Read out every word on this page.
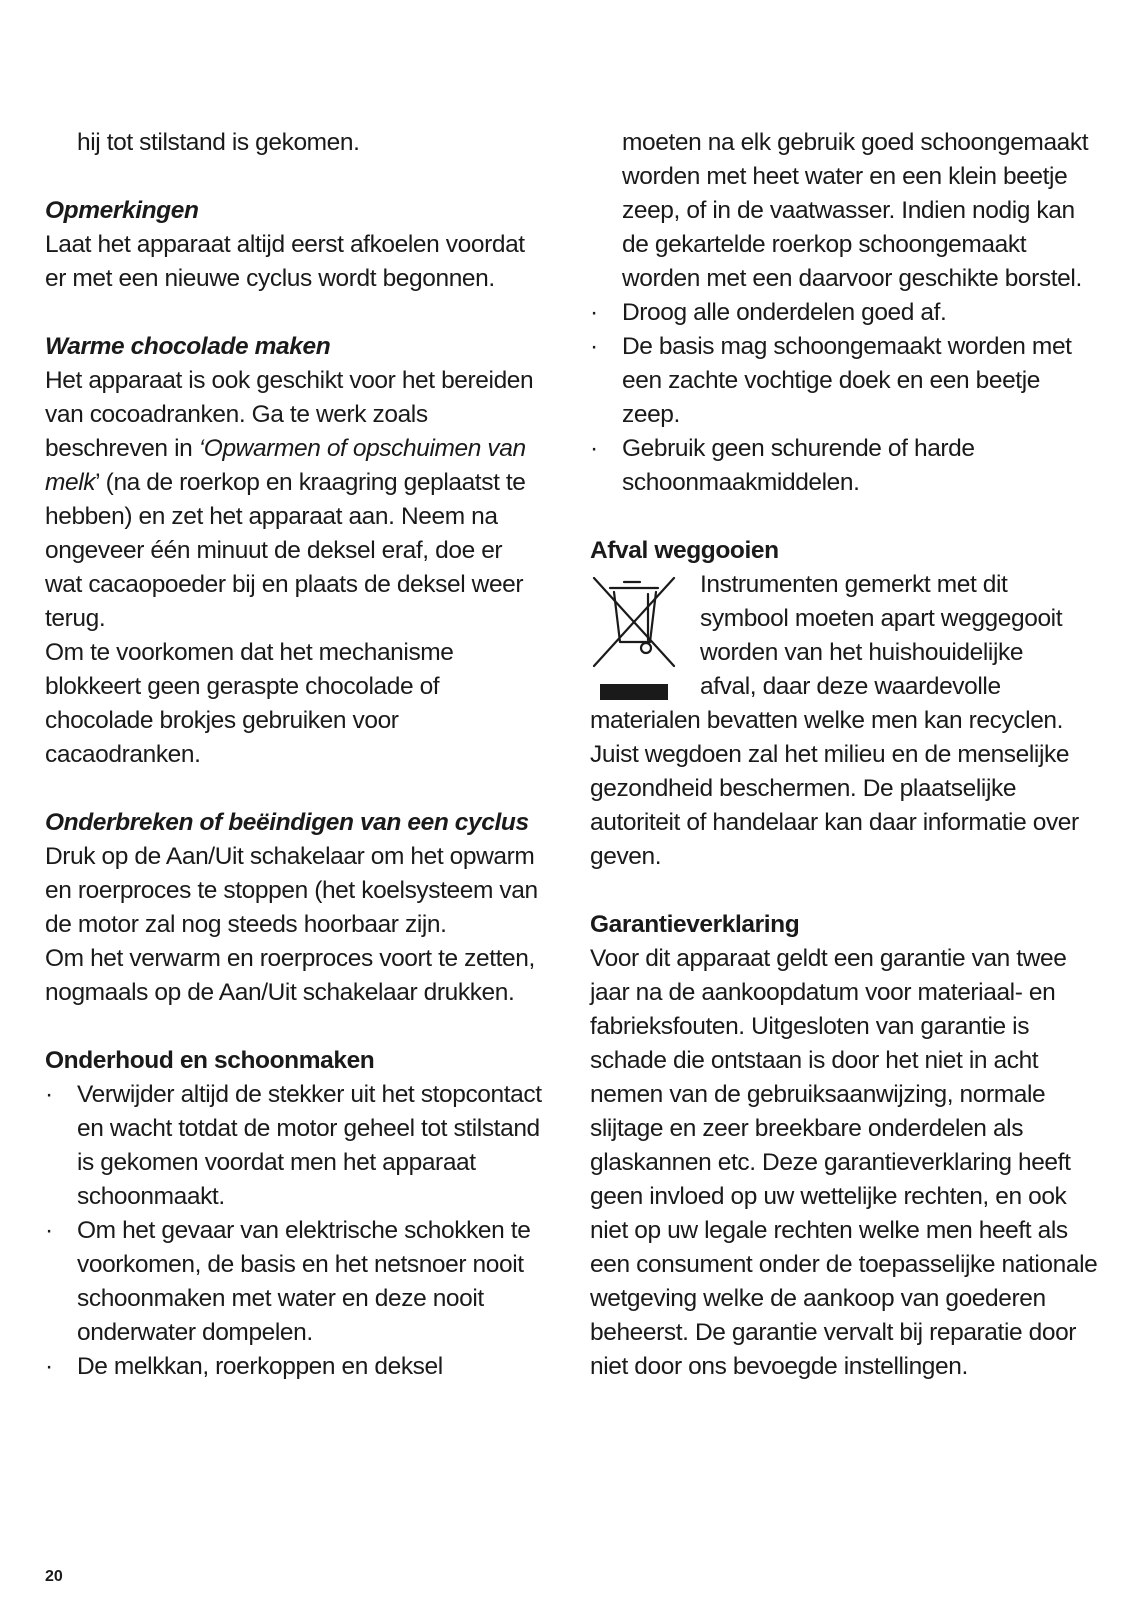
hij tot stilstand is gekomen.

Opmerkingen

Laat het apparaat altijd eerst afkoelen voordat er met een nieuwe cyclus wordt begonnen.

Warme chocolade maken

Het apparaat is ook geschikt voor het bereiden van cocoadranken. Ga te werk zoals beschreven in ‘Opwarmen of opschuimen van melk’ (na de roerkop en kraagring geplaatst te hebben) en zet het apparaat aan. Neem na ongeveer één minuut de deksel eraf, doe er wat cacaopoeder bij en plaats de deksel weer terug.

Om te voorkomen dat het mechanisme blokkeert geen geraspte chocolade of chocolade brokjes gebruiken voor cacaodranken.

Onderbreken of beëindigen van een cyclus

Druk op de Aan/Uit schakelaar om het opwarm en roerproces te stoppen (het koelsysteem van de motor zal nog steeds hoorbaar zijn.

Om het verwarm en roerproces voort te zetten, nogmaals op de Aan/Uit schakelaar drukken.

Onderhoud en schoonmaken

· Verwijder altijd de stekker uit het stopcontact en wacht totdat de motor geheel tot stilstand is gekomen voordat men het apparaat schoonmaakt.
· Om het gevaar van elektrische schokken te voorkomen, de basis en het netsnoer nooit schoonmaken met water en deze nooit onderwater dompelen.
· De melkkan, roerkoppen en deksel

moeten na elk gebruik goed schoongemaakt worden met heet water en een klein beetje zeep, of in de vaatwasser. Indien nodig kan de gekartelde roerkop schoongemaakt worden met een daarvoor geschikte borstel.

· Droog alle onderdelen goed af.
· De basis mag schoongemaakt worden met een zachte vochtige doek en een beetje zeep.
· Gebruik geen schurende of harde schoonmaakmiddelen.

Afval weggooien

Instrumenten gemerkt met dit

symbool moeten apart weggegooit

worden van het huishouidelijke

afval, daar deze waardevolle

materialen bevatten welke men kan recyclen. Juist wegdoen zal het milieu en de menselijke gezondheid beschermen. De plaatselijke autoriteit of handelaar kan daar informatie over geven.

Garantieverklaring

Voor dit apparaat geldt een garantie van twee jaar na de aankoopdatum voor materiaal- en fabrieksfouten. Uitgesloten van garantie is schade die ontstaan is door het niet in acht nemen van de gebruiksaanwijzing, normale slijtage en zeer breekbare onderdelen als glaskannen etc. Deze garantieverklaring heeft geen invloed op uw wettelijke rechten, en ook niet op uw legale rechten welke men heeft als een consument onder de toepasselijke nationale wetgeving welke de aankoop van goederen beheerst. De garantie vervalt bij reparatie door niet door ons bevoegde instellingen.

20
